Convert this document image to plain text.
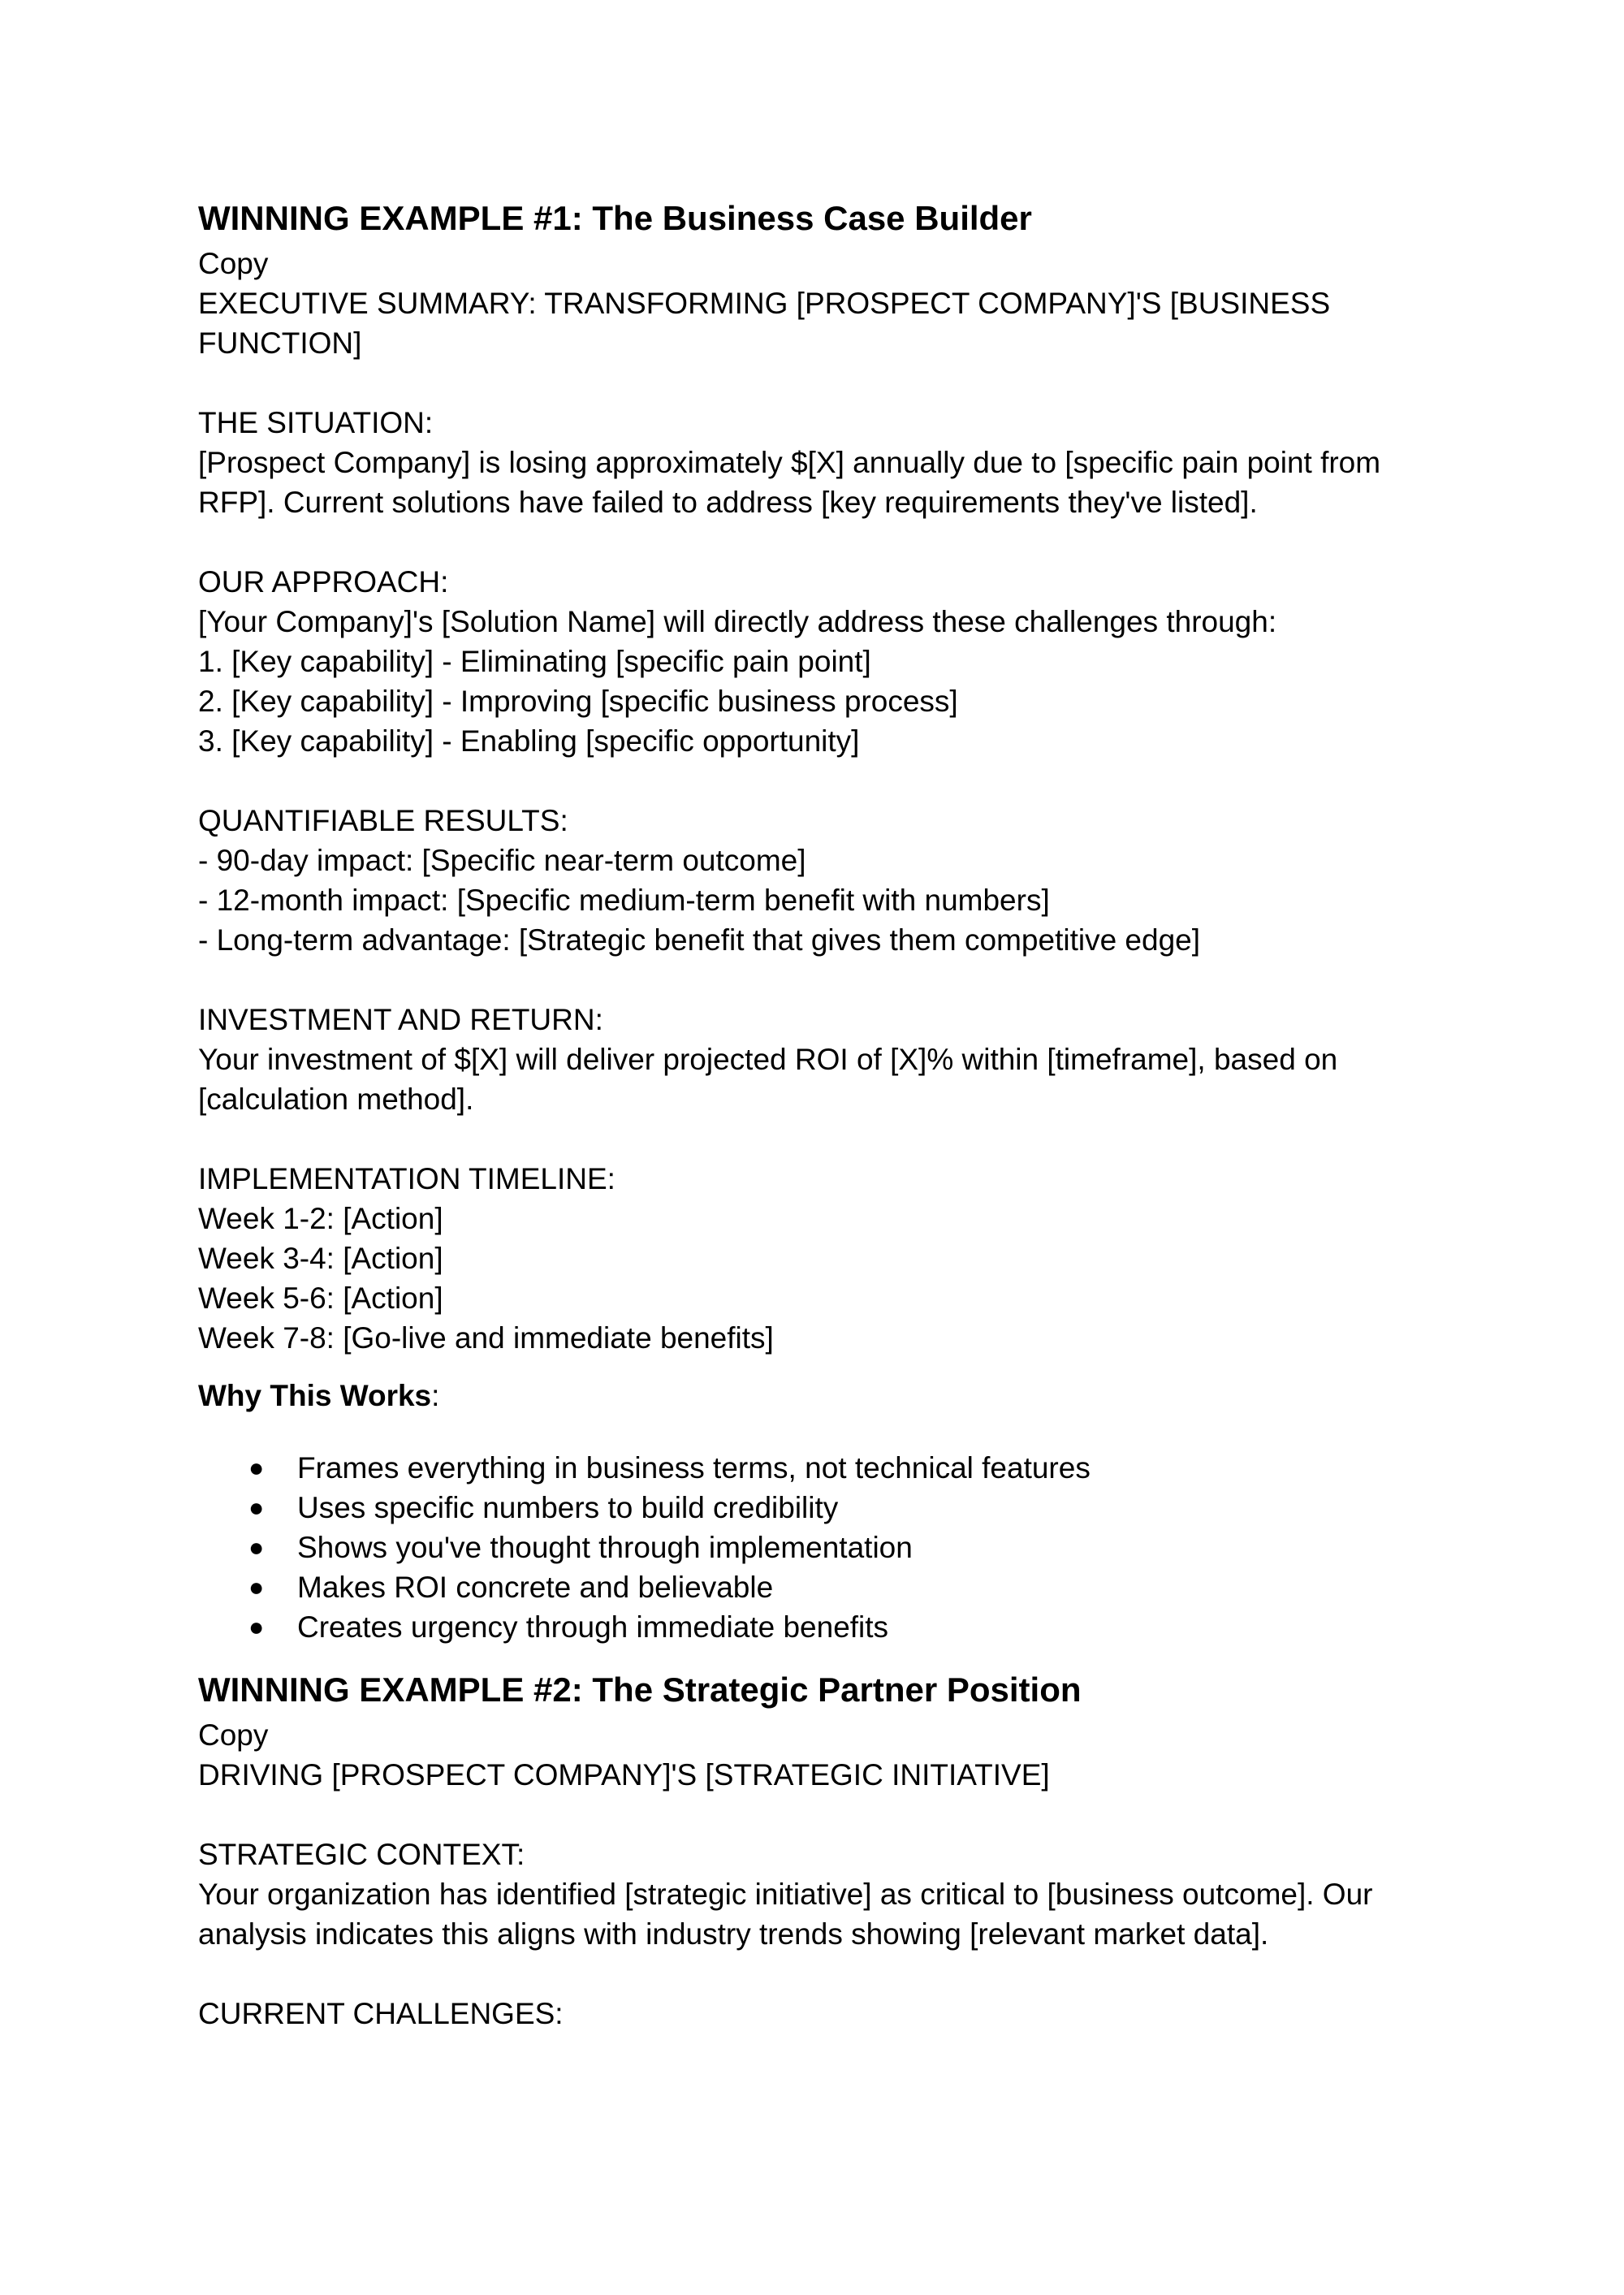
WINNING EXAMPLE #1: The Business Case Builder

Copy

EXECUTIVE SUMMARY: TRANSFORMING [PROSPECT COMPANY]'S [BUSINESS

FUNCTION]

THE SITUATION:

[Prospect Company] is losing approximately $[X] annually due to [specific pain point from

RFP]. Current solutions have failed to address [key requirements they've listed].

OUR APPROACH:

[Your Company]'s [Solution Name] will directly address these challenges through:

1. [Key capability] - Eliminating [specific pain point]

2. [Key capability] - Improving [specific business process]

3. [Key capability] - Enabling [specific opportunity]

QUANTIFIABLE RESULTS:

- 90-day impact: [Specific near-term outcome]

- 12-month impact: [Specific medium-term benefit with numbers]

- Long-term advantage: [Strategic benefit that gives them competitive edge]

INVESTMENT AND RETURN:

Your investment of $[X] will deliver projected ROI of [X]% within [timeframe], based on

[calculation method].

IMPLEMENTATION TIMELINE:

Week 1-2: [Action]

Week 3-4: [Action]

Week 5-6: [Action]

Week 7-8: [Go-live and immediate benefits]

Why This Works:

● Frames everything in business terms, not technical features
● Uses specific numbers to build credibility
● Shows you've thought through implementation
● Makes ROI concrete and believable
● Creates urgency through immediate benefits
WINNING EXAMPLE #2: The Strategic Partner Position

Copy

DRIVING [PROSPECT COMPANY]'S [STRATEGIC INITIATIVE]

STRATEGIC CONTEXT:

Your organization has identified [strategic initiative] as critical to [business outcome]. Our

analysis indicates this aligns with industry trends showing [relevant market data].

CURRENT CHALLENGES:
